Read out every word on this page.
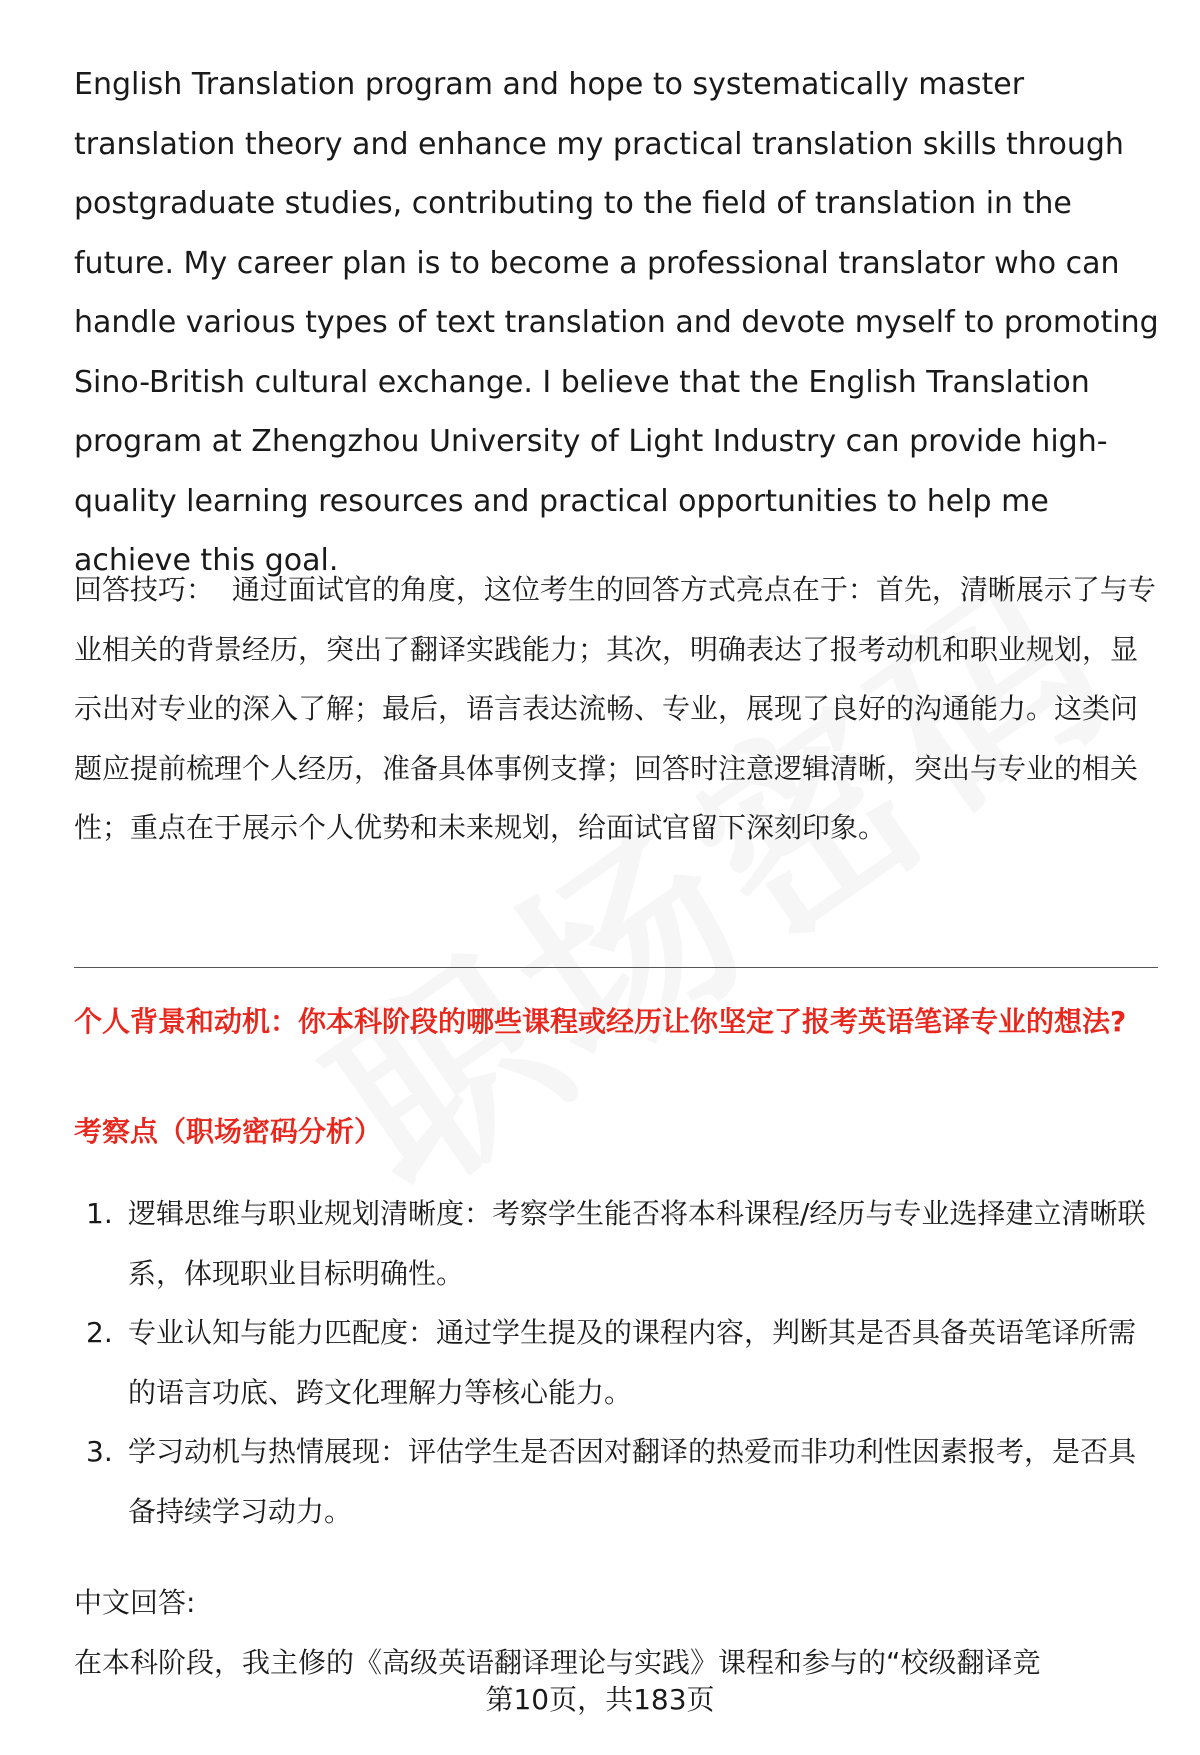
English Translation program and hope to systematically master translation theory and enhance my practical translation skills through postgraduate studies, contributing to the field of translation in the future. My career plan is to become a professional translator who can handle various types of text translation and devote myself to promoting Sino-British cultural exchange. I believe that the English Translation program at Zhengzhou University of Light Industry can provide high-quality learning resources and practical opportunities to help me achieve this goal.

回答技巧： 通过面试官的角度，这位考生的回答方式亮点在于：首先，清晰展示了与专业相关的背景经历，突出了翻译实践能力；其次，明确表达了报考动机和职业规划，显示出对专业的深入了解；最后，语言表达流畅、专业，展现了良好的沟通能力。这类问题应提前梳理个人经历，准备具体事例支撑；回答时注意逻辑清晰，突出与专业的相关性；重点在于展示个人优势和未来规划，给面试官留下深刻印象。

个人背景和动机：你本科阶段的哪些课程或经历让你坚定了报考英语笔译专业的想法?

考察点（职场密码分析）

1. 逻辑思维与职业规划清晰度：考察学生能否将本科课程/经历与专业选择建立清晰联系，体现职业目标明确性。
2. 专业认知与能力匹配度：通过学生提及的课程内容，判断其是否具备英语笔译所需的语言功底、跨文化理解力等核心能力。
3. 学习动机与热情展现：评估学生是否因对翻译的热爱而非功利性因素报考，是否具备持续学习动力。

中文回答:

在本科阶段，我主修的《高级英语翻译理论与实践》课程和参与的“校级翻译竞

第10页，共183页
